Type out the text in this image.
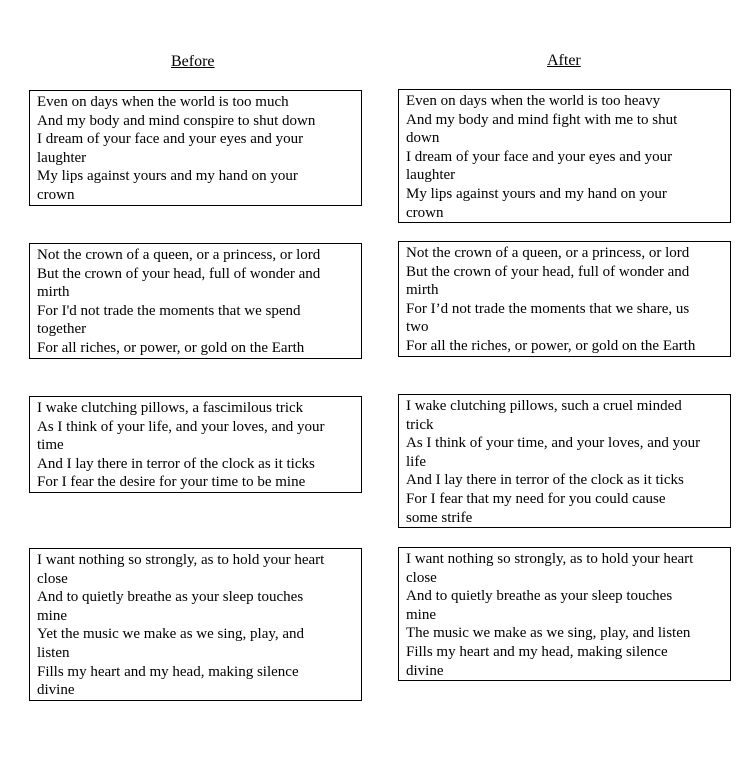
Before	After
Even on days when the world is too much
And my body and mind conspire to shut down
I dream of your face and your eyes and your
laughter
My lips against yours and my hand on your
crown
Not the crown of a queen, or a princess, or lord
But the crown of your head, full of wonder and
mirth
For I'd not trade the moments that we spend
together
For all riches, or power, or gold on the Earth
I wake clutching pillows, a fascimilous trick
As I think of your life, and your loves, and your
time
And I lay there in terror of the clock as it ticks
For I fear the desire for your time to be mine
I want nothing so strongly, as to hold your heart
close
And to quietly breathe as your sleep touches
mine
Yet the music we make as we sing, play, and
listen
Fills my heart and my head, making silence
divine
Even on days when the world is too heavy
And my body and mind fight with me to shut
down
I dream of your face and your eyes and your
laughter
My lips against yours and my hand on your
crown
Not the crown of a queen, or a princess, or lord
But the crown of your head, full of wonder and
mirth
For I’d not trade the moments that we share, us
two
For all the riches, or power, or gold on the Earth
I wake clutching pillows, such a cruel minded
trick
As I think of your time, and your loves, and your
life
And I lay there in terror of the clock as it ticks
For I fear that my need for you could cause
some strife
I want nothing so strongly, as to hold your heart
close
And to quietly breathe as your sleep touches
mine
The music we make as we sing, play, and listen
Fills my heart and my head, making silence
divine
